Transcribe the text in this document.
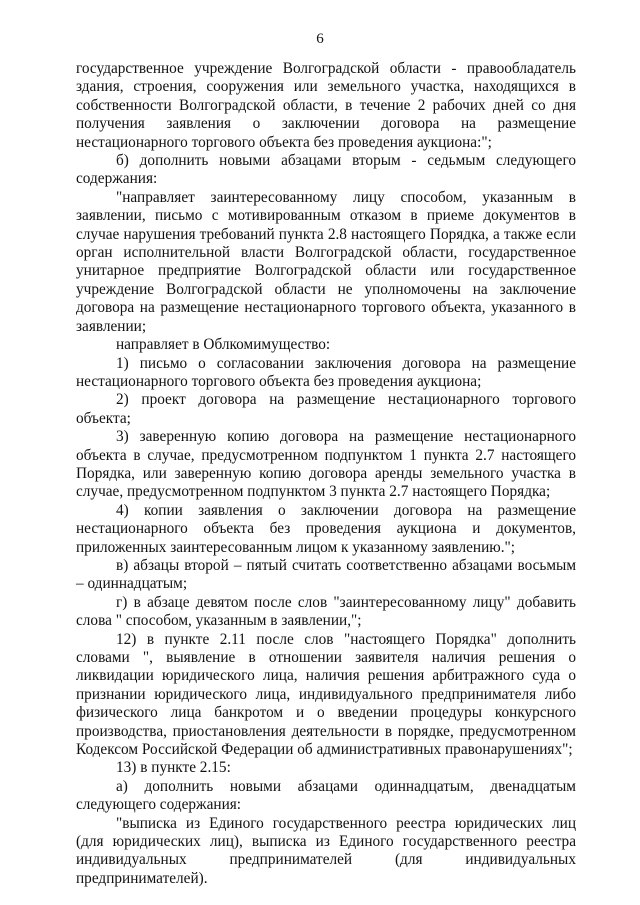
6

государственное учреждение Волгоградской области - правообладатель здания, строения, сооружения или земельного участка, находящихся в собственности Волгоградской области, в течение 2 рабочих дней со дня получения заявления о заключении договора на размещение нестационарного торгового объекта без проведения аукциона:";

б) дополнить новыми абзацами вторым - седьмым следующего содержания:

"направляет заинтересованному лицу способом, указанным в заявлении, письмо с мотивированным отказом в приеме документов в случае нарушения требований пункта 2.8 настоящего Порядка, а также если орган исполнительной власти Волгоградской области, государственное унитарное предприятие Волгоградской области или государственное учреждение Волгоградской области не уполномочены на заключение договора на размещение нестационарного торгового объекта, указанного в заявлении;

направляет в Облкомимущество:

1) письмо о согласовании заключения договора на размещение нестационарного торгового объекта без проведения аукциона;

2) проект договора на размещение нестационарного торгового объекта;

3) заверенную копию договора на размещение нестационарного объекта в случае, предусмотренном подпунктом 1 пункта 2.7 настоящего Порядка, или заверенную копию договора аренды земельного участка в случае, предусмотренном подпунктом 3 пункта 2.7 настоящего Порядка;

4) копии заявления о заключении договора на размещение нестационарного объекта без проведения аукциона и документов, приложенных заинтересованным лицом к указанному заявлению.";

в) абзацы второй – пятый считать соответственно абзацами восьмым – одиннадцатым;

г) в абзаце девятом после слов "заинтересованному лицу" добавить слова " способом, указанным в заявлении,";

12) в пункте 2.11 после слов "настоящего Порядка" дополнить словами ", выявление в отношении заявителя наличия решения о ликвидации юридического лица, наличия решения арбитражного суда о признании юридического лица, индивидуального предпринимателя либо физического лица банкротом и о введении процедуры конкурсного производства, приостановления деятельности в порядке, предусмотренном Кодексом Российской Федерации об административных правонарушениях";

13) в пункте 2.15:

а) дополнить новыми абзацами одиннадцатым, двенадцатым следующего содержания:

"выписка из Единого государственного реестра юридических лиц (для юридических лиц), выписка из Единого государственного реестра индивидуальных предпринимателей (для индивидуальных предпринимателей).
